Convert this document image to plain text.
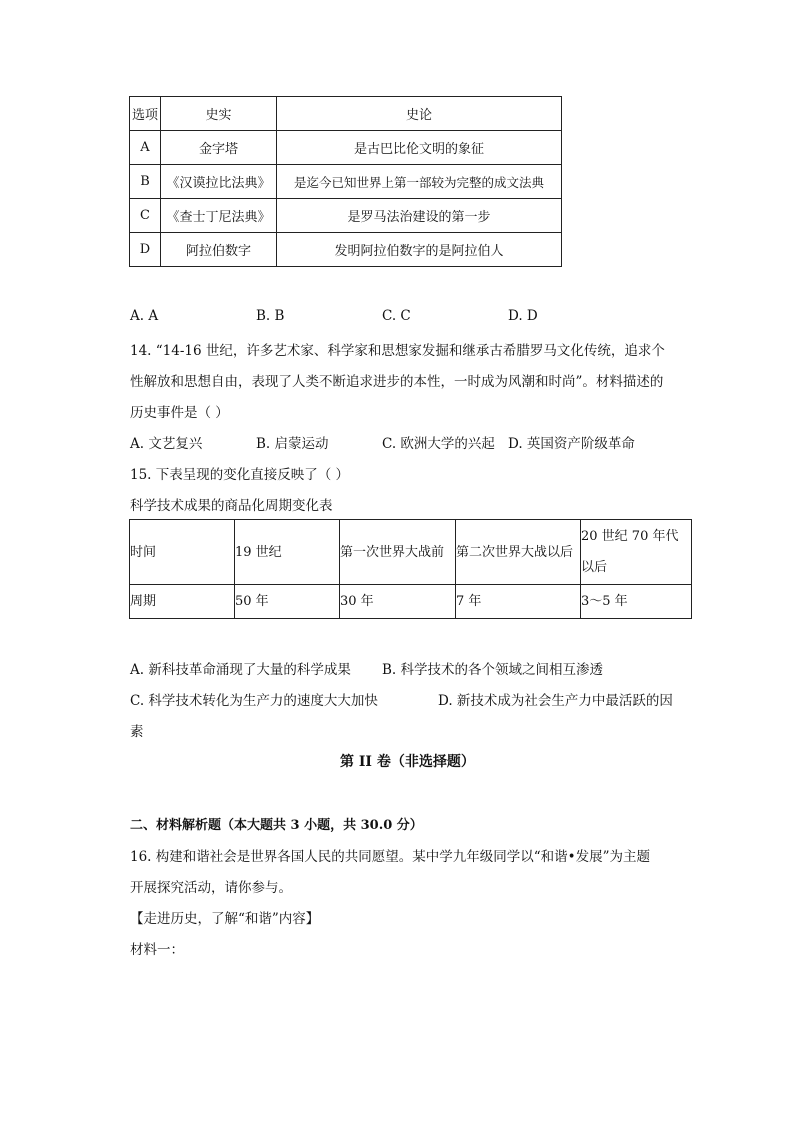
选项	史实	史论
A	金字塔	是古巴比伦文明的象征
B	《汉谟拉比法典》	是迄今已知世界上第一部较为完整的成文法典
C	《查士丁尼法典》	是罗马法治建设的第一步
D	阿拉伯数字	发明阿拉伯数字的是阿拉伯人
A. A	B. B	C. C	D. D
14. “14-16 世纪，许多艺术家、科学家和思想家发掘和继承古希腊罗马文化传统，追求个
性解放和思想自由，表现了人类不断追求进步的本性，一时成为风潮和时尚”。材料描述的
历史事件是（ ）
A. 文艺复兴	B. 启蒙运动	C. 欧洲大学的兴起 D. 英国资产阶级革命
15. 下表呈现的变化直接反映了（ ）
科学技术成果的商品化周期变化表
时间	19 世纪	第一次世界大战前	第二次世界大战以后	20 世纪 70 年代以后
周期	50 年	30 年	7 年	3～5 年
A. 新科技革命涌现了大量的科学成果 B. 科学技术的各个领域之间相互渗透
C. 科学技术转化为生产力的速度大大加快	D. 新技术成为社会生产力中最活跃的因
素
第 II 卷（非选择题）
二、材料解析题（本大题共 3 小题，共 30.0 分）
16. 构建和谐社会是世界各国人民的共同愿望。某中学九年级同学以“和谐•发展”为主题
开展探究活动，请你参与。
【走进历史，了解“和谐”内容】
材料一：
